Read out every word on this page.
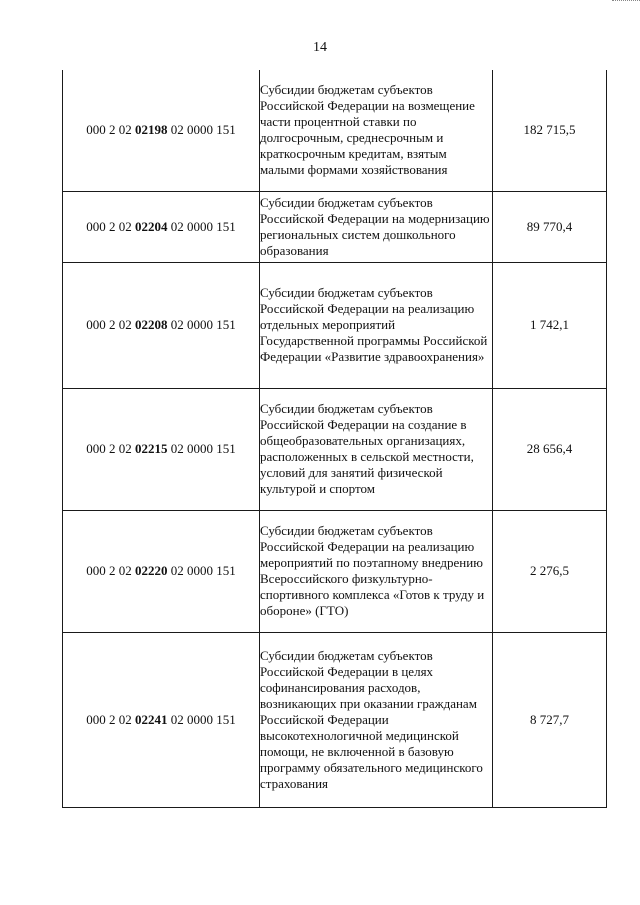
14
000 2 02 02198 02 0000 151	Субсидии бюджетам субъектов Российской Федерации на возмещение части процентной ставки по долгосрочным, среднесрочным и краткосрочным кредитам, взятым малыми формами хозяйствования	182 715,5
000 2 02 02204 02 0000 151	Субсидии бюджетам субъектов Российской Федерации на модернизацию региональных систем дошкольного образования	89 770,4
000 2 02 02208 02 0000 151	Субсидии бюджетам субъектов Российской Федерации на реализацию отдельных мероприятий Государственной программы Российской Федерации «Развитие здравоохранения»	1 742,1
000 2 02 02215 02 0000 151	Субсидии бюджетам субъектов Российской Федерации на создание в общеобразовательных организациях, расположенных в сельской местности, условий для занятий физической культурой и спортом	28 656,4
000 2 02 02220 02 0000 151	Субсидии бюджетам субъектов Российской Федерации на реализацию мероприятий по поэтапному внедрению Всероссийского физкультурно-спортивного комплекса «Готов к труду и обороне» (ГТО)	2 276,5
000 2 02 02241 02 0000 151	Субсидии бюджетам субъектов Российской Федерации в целях софинансирования расходов, возникающих при оказании гражданам Российской Федерации высокотехнологичной медицинской помощи, не включенной в базовую программу обязательного медицинского страхования	8 727,7
